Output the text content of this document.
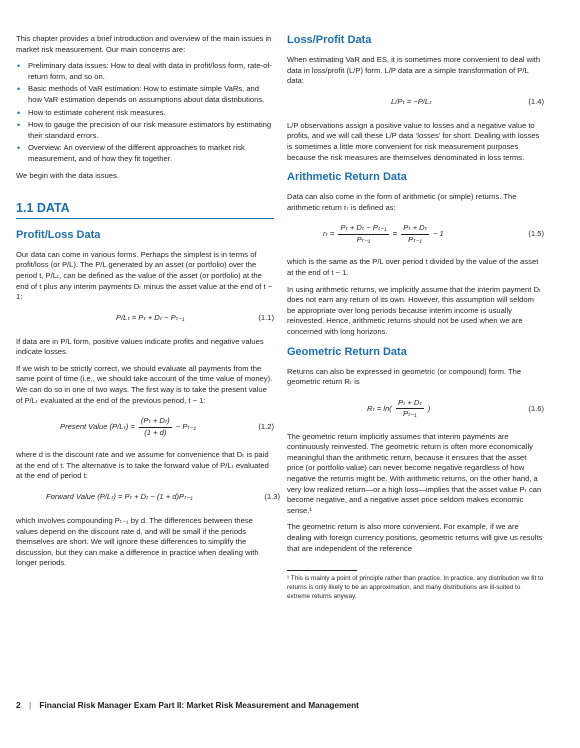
This chapter provides a brief introduction and overview of the main issues in market risk measurement. Our main concerns are:

• Preliminary data issues: How to deal with data in profit/loss form, rate-of-return form, and so on.
• Basic methods of VaR estimation: How to estimate simple VaRs, and how VaR estimation depends on assumptions about data distributions.
• How to estimate coherent risk measures.
• How to gauge the precision of our risk measure estimators by estimating their standard errors.
• Overview: An overview of the different approaches to market risk measurement, and of how they fit together.

We begin with the data issues.

1.1 DATA
Profit/Loss Data

Our data can come in various forms. Perhaps the simplest is in terms of profit/loss (or P/L). The P/L generated by an asset (or portfolio) over the period t, P/Lₜ, can be defined as the value of the asset (or portfolio) at the end of t plus any interim payments Dₜ minus the asset value at the end of t − 1:

P/Lₜ = Pₜ + Dₜ − Pₜ₋₁	(1.1)

If data are in P/L form, positive values indicate profits and negative values indicate losses.

If we wish to be strictly correct, we should evaluate all payments from the same point of time (i.e., we should take account of the time value of money). We can do so in one of two ways. The first way is to take the present value of P/Lₜ evaluated at the end of the previous period, t − 1:

Present Value $(P/L_t) = \frac{\text{(Pₜ + Dₜ)}}{(1 + d)} - P_{t-1}$	(1.2)

where d is the discount rate and we assume for convenience that Dₜ is paid at the end of t. The alternative is to take the forward value of P/Lₜ evaluated at the end of period t:

Forward Value (P/Lₜ) = Pₜ + Dₜ − (1 + d)Pₜ₋₁	(1.3)

which involves compounding Pₜ₋₁ by d. The differences between these values depend on the discount rate d, and will be small if the periods themselves are short. We will ignore these differences to simplify the discussion, but they can make a difference in practice when dealing with longer periods.

Loss/Profit Data

When estimating VaR and ES, it is sometimes more convenient to deal with data in loss/profit (L/P) form. L/P data are a simple transformation of P/L data:

L/Pₜ = −P/Lₜ	(1.4)

L/P observations assign a positive value to losses and a negative value to profits, and we will call these L/P data ‘losses’ for short. Dealing with losses is sometimes a little more convenient for risk measurement purposes because the risk measures are themselves denominated in loss terms.

Arithmetic Return Data

Data can also come in the form of arithmetic (or simple) returns. The arithmetic return rₜ is defined as:

$r_t = \frac{\text{Pₜ + Dₜ − Pₜ₋₁}}{\text{Pₜ₋₁}} = \frac{\text{Pₜ + Dₜ}}{\text{Pₜ₋₁}} - 1$	(1.5)

which is the same as the P/L over period t divided by the value of the asset at the end of t − 1.

In using arithmetic returns, we implicitly assume that the interim payment Dₜ does not earn any return of its own. However, this assumption will seldom be appropriate over long periods because interim income is usually reinvested. Hence, arithmetic returns should not be used when we are concerned with long horizons.

Geometric Return Data

Returns can also be expressed in geometric (or compound) form. The geometric return Rₜ is

$R_t = \ln( \frac{\text{Pₜ + Dₜ}}{\text{Pₜ₋₁}}$ )	(1.6)

The geometric return implicitly assumes that interim payments are continuously reinvested. The geometric return is often more economically meaningful than the arithmetic return, because it ensures that the asset price (or portfolio value) can never become negative regardless of how negative the returns might be. With arithmetic returns, on the other hand, a very low realized return—or a high loss—implies that the asset value Pₜ can become negative, and a negative asset price seldom makes economic sense.¹

The geometric return is also more convenient. For example, if we are dealing with foreign currency positions, geometric returns will give us results that are independent of the reference

¹ This is mainly a point of principle rather than practice. In practice, any distribution we fit to returns is only likely to be an approximation, and many distributions are ill-suited to extreme returns anyway.
2 | Financial Risk Manager Exam Part II: Market Risk Measurement and Management
